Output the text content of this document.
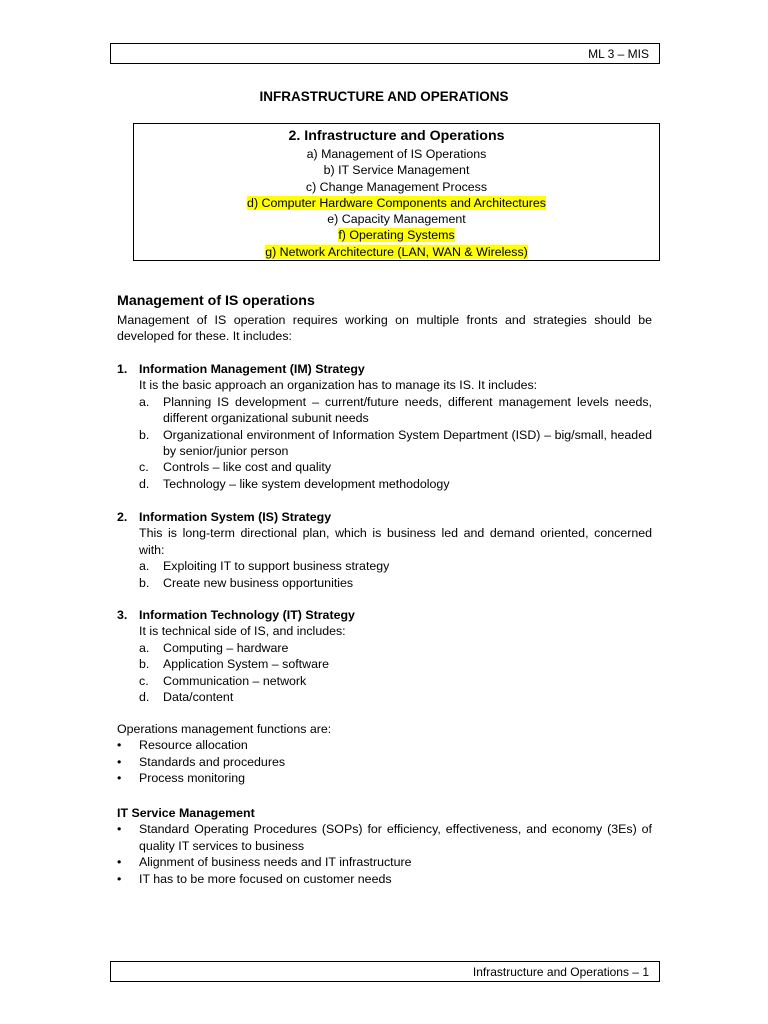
ML 3 – MIS
INFRASTRUCTURE AND OPERATIONS
2. Infrastructure and Operations
a) Management of IS Operations
b) IT Service Management
c) Change Management Process
d) Computer Hardware Components and Architectures
e) Capacity Management
f) Operating Systems
g) Network Architecture (LAN, WAN & Wireless)
Management of IS operations
Management of IS operation requires working on multiple fronts and strategies should be developed for these. It includes:
1. Information Management (IM) Strategy
It is the basic approach an organization has to manage its IS. It includes:
a. Planning IS development – current/future needs, different management levels needs, different organizational subunit needs
b. Organizational environment of Information System Department (ISD) – big/small, headed by senior/junior person
c. Controls – like cost and quality
d. Technology – like system development methodology
2. Information System (IS) Strategy
This is long-term directional plan, which is business led and demand oriented, concerned with:
a. Exploiting IT to support business strategy
b. Create new business opportunities
3. Information Technology (IT) Strategy
It is technical side of IS, and includes:
a. Computing – hardware
b. Application System – software
c. Communication – network
d. Data/content
Operations management functions are:
• Resource allocation
• Standards and procedures
• Process monitoring
IT Service Management
• Standard Operating Procedures (SOPs) for efficiency, effectiveness, and economy (3Es) of quality IT services to business
• Alignment of business needs and IT infrastructure
• IT has to be more focused on customer needs
Infrastructure and Operations – 1
